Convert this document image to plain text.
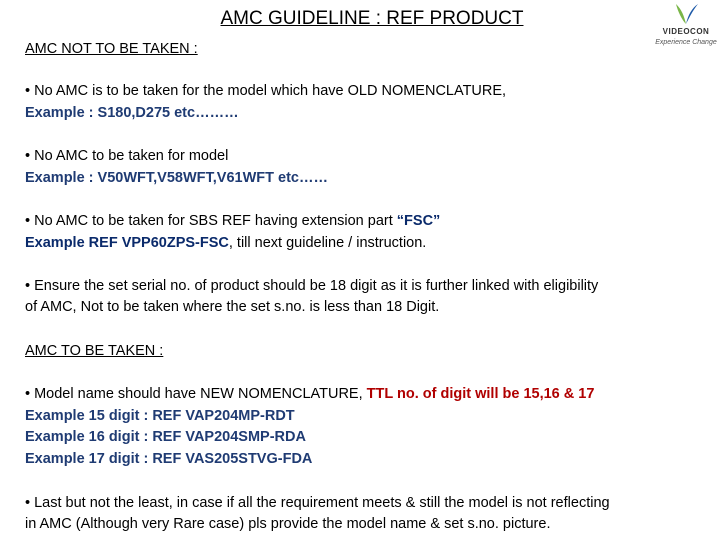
AMC GUIDELINE : REF PRODUCT
VIDEOCON
Experience Change
AMC NOT TO BE TAKEN :
• No AMC is to be taken for the model which have OLD NOMENCLATURE,
Example : S180,D275 etc………
• No AMC to be taken for model
Example : V50WFT,V58WFT,V61WFT etc……
• No AMC to be taken for SBS REF having extension part “FSC”
Example REF VPP60ZPS-FSC, till next guideline / instruction.
• Ensure the set serial no. of product should be 18 digit as it is further linked with eligibility
of AMC, Not to be taken where the set s.no. is less than 18 Digit.
AMC TO BE TAKEN :
• Model name should have NEW NOMENCLATURE, TTL no. of digit will be 15,16 & 17
Example 15 digit : REF VAP204MP-RDT
Example 16 digit : REF VAP204SMP-RDA
Example 17 digit : REF VAS205STVG-FDA
• Last but not the least, in case if all the requirement meets & still the model is not reflecting
in AMC (Although very Rare case) pls provide the model name & set s.no. picture.
